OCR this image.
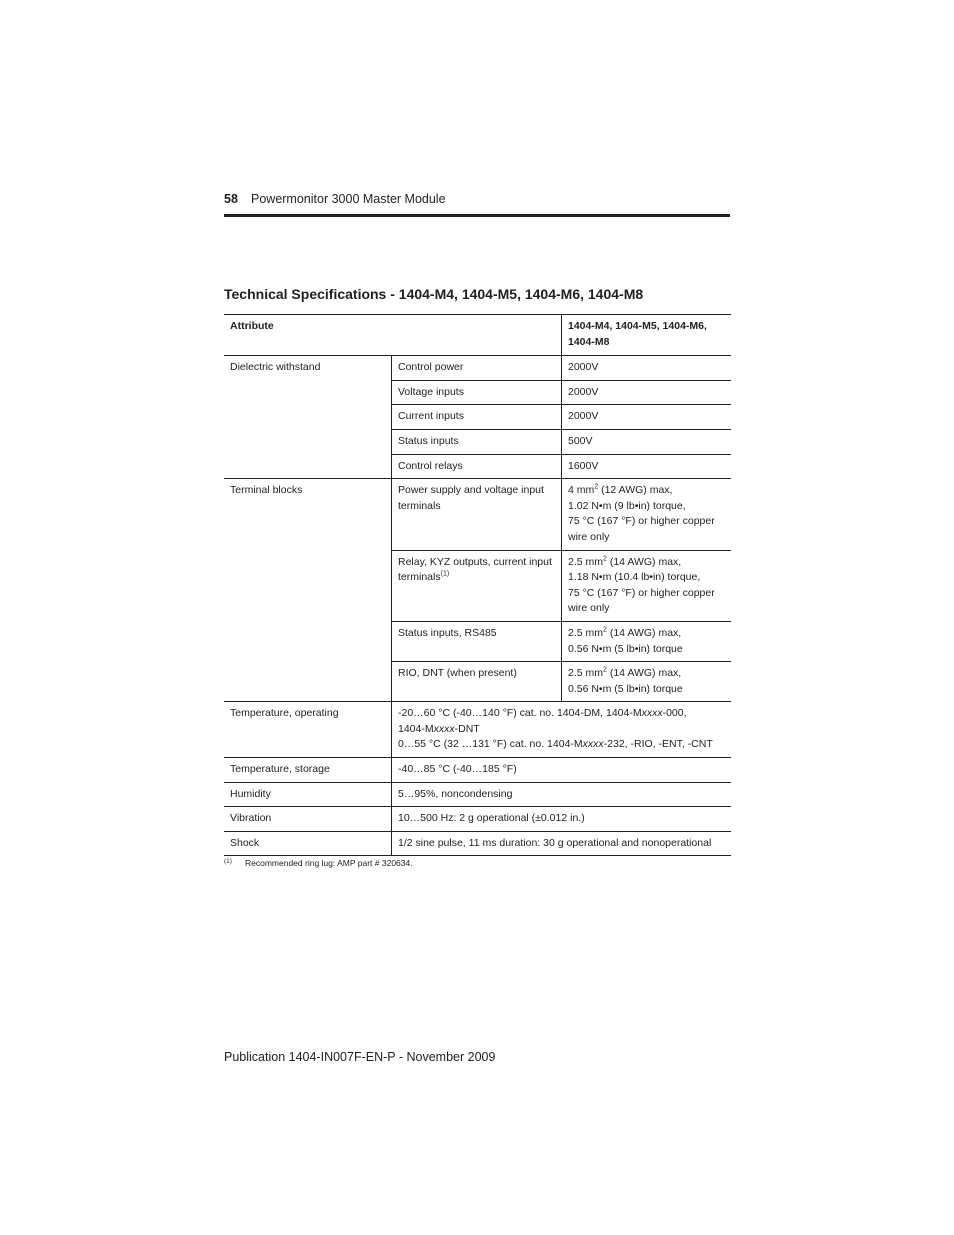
58 Powermonitor 3000 Master Module
Technical Specifications - 1404-M4, 1404-M5, 1404-M6, 1404-M8
Attribute		1404-M4, 1404-M5, 1404-M6, 1404-M8
Dielectric withstand	Control power	2000V
	Voltage inputs	2000V
	Current inputs	2000V
	Status inputs	500V
	Control relays	1600V
Terminal blocks	Power supply and voltage input terminals	4 $mm^2$ (12 AWG) max,
1.02 N•m (9 lb•in) torque,
75 °C (167 °F) or higher copper wire only
	Relay, KYZ outputs, current input terminals$^{(1)}$	2.5 $mm^2$ (14 AWG) max,
1.18 N•m (10.4 lb•in) torque,
75 °C (167 °F) or higher copper wire only
	Status inputs, RS485	2.5 $mm^2$ (14 AWG) max,
0.56 N•m (5 lb•in) torque
	RIO, DNT (when present)	2.5 $mm^2$ (14 AWG) max,
0.56 N•m (5 lb•in) torque
Temperature, operating	-20…60 °C (-40…140 °F) cat. no. 1404-DM, 1404-Mxxxx-000,
1404-Mxxxx-DNT
0…55 °C (32 …131 °F) cat. no. 1404-Mxxxx-232, -RIO, -ENT, -CNT	
Temperature, storage	-40…85 °C (-40…185 °F)	
Humidity	5…95%, noncondensing	
Vibration	10…500 Hz: 2 g operational (±0.012 in.)	
Shock	1/2 sine pulse, 11 ms duration: 30 g operational and nonoperational	
(1) Recommended ring lug: AMP part # 320634.
Publication 1404-IN007F-EN-P - November 2009
